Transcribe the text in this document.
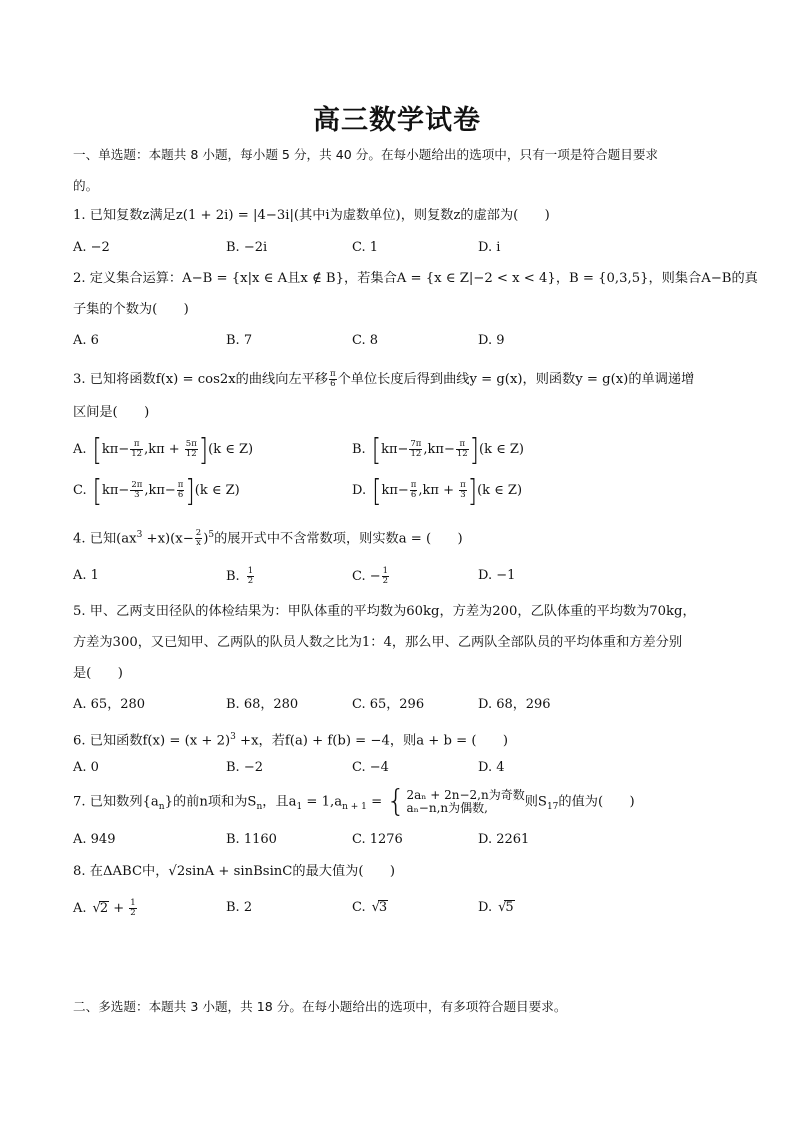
高三数学试卷
一、单选题：本题共 8 小题，每小题 5 分，共 40 分。在每小题给出的选项中，只有一项是符合题目要求
的。
1. 已知复数z满足z(1 + 2i) = |4−3i|(其中i为虚数单位)，则复数z的虚部为(　　)
A. −2	B. −2i	C. 1	D. i
2. 定义集合运算：A−B = {x|x ∈ A且x ∉ B}，若集合A = {x ∈ Z|−2 < x < 4}，B = {0,3,5}，则集合A−B的真
子集的个数为(　　)
A. 6	B. 7	C. 8	D. 9
3. 已知将函数f(x) = cos2x的曲线向左平移 $\frac{\pi}{6}$ 个单位长度后得到曲线y = g(x)，则函数y = g(x)的单调递增
区间是(　　)
A. $[k\pi- \frac{\pi}{12} ,k\pi + \frac{5\pi}{12} ](k$ ∈ Z)	B. $[k\pi- \frac{7\pi}{12} ,k\pi- \frac{\pi}{12} ](k$ ∈ Z)
C. $[k\pi- \frac{2\pi}{3} ,k\pi- \frac{\pi}{6} ](k$ ∈ Z)	D. $[k\pi- \frac{\pi}{6} ,k\pi + \frac{\pi}{3} ](k$ ∈ Z)
4. 已知$(ax^3 +x)(x- \frac{2}{x} )^5$的展开式中不含常数项，则实数a = (　　)
A. 1	B. $\frac{1}{2}$	C. − $\frac{1}{2}$	D. −1
5. 甲、乙两支田径队的体检结果为：甲队体重的平均数为60kg，方差为200，乙队体重的平均数为70kg，
方差为300，又已知甲、乙两队的队员人数之比为1：4，那么甲、乙两队全部队员的平均体重和方差分别
是(　　)
A. 65，280	B. 68，280	C. 65，296	D. 68，296
6. 已知函数$f(x) = (x + 2)^3 +x$，若f(a) + f(b) = −4，则a + b = (　　)
A. 0	B. −2	C. −4	D. 4
7. 已知数列$\{a_n\}$的前n项和为$S_n$，且$a_1 = 1,a_{n + 1}$ = { 2aₙ + 2n−2,n为奇数
aₙ−n,n为偶数,	则$S_{17}$的值为(　　)
A. 949	B. 1160	C. 1276	D. 2261
8. 在ΔABC中，√2sinA + sinBsinC的最大值为(　　)
A. $√2 + \frac{1}{2}$	B. 2	C. √3	D. √5
二、多选题：本题共 3 小题，共 18 分。在每小题给出的选项中，有多项符合题目要求。
